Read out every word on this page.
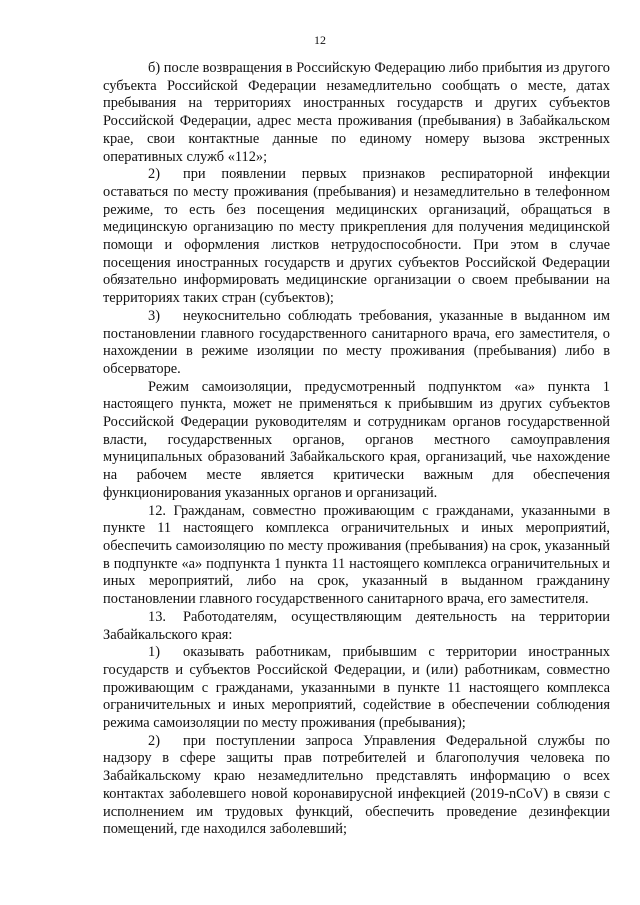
12

б) после возвращения в Российскую Федерацию либо прибытия из другого субъекта Российской Федерации незамедлительно сообщать о месте, датах пребывания на территориях иностранных государств и других субъектов Российской Федерации, адрес места проживания (пребывания) в Забайкальском крае, свои контактные данные по единому номеру вызова экстренных оперативных служб «112»;

2) при появлении первых признаков респираторной инфекции оставаться по месту проживания (пребывания) и незамедлительно в телефонном режиме, то есть без посещения медицинских организаций, обращаться в медицинскую организацию по месту прикрепления для получения медицинской помощи и оформления листков нетрудоспособности. При этом в случае посещения иностранных государств и других субъектов Российской Федерации обязательно информировать медицинские организации о своем пребывании на территориях таких стран (субъектов);

3) неукоснительно соблюдать требования, указанные в выданном им постановлении главного государственного санитарного врача, его заместителя, о нахождении в режиме изоляции по месту проживания (пребывания) либо в обсерваторе.

Режим самоизоляции, предусмотренный подпунктом «а» пункта 1 настоящего пункта, может не применяться к прибывшим из других субъектов Российской Федерации руководителям и сотрудникам органов государственной власти, государственных органов, органов местного самоуправления муниципальных образований Забайкальского края, организаций, чье нахождение на рабочем месте является критически важным для обеспечения функционирования указанных органов и организаций.

12. Гражданам, совместно проживающим с гражданами, указанными в пункте 11 настоящего комплекса ограничительных и иных мероприятий, обеспечить самоизоляцию по месту проживания (пребывания) на срок, указанный в подпункте «а» подпункта 1 пункта 11 настоящего комплекса ограничительных и иных мероприятий, либо на срок, указанный в выданном гражданину постановлении главного государственного санитарного врача, его заместителя.

13. Работодателям, осуществляющим деятельность на территории Забайкальского края:

1) оказывать работникам, прибывшим с территории иностранных государств и субъектов Российской Федерации, и (или) работникам, совместно проживающим с гражданами, указанными в пункте 11 настоящего комплекса ограничительных и иных мероприятий, содействие в обеспечении соблюдения режима самоизоляции по месту проживания (пребывания);

2) при поступлении запроса Управления Федеральной службы по надзору в сфере защиты прав потребителей и благополучия человека по Забайкальскому краю незамедлительно представлять информацию о всех контактах заболевшего новой коронавирусной инфекцией (2019-nCoV) в связи с исполнением им трудовых функций, обеспечить проведение дезинфекции помещений, где находился заболевший;
